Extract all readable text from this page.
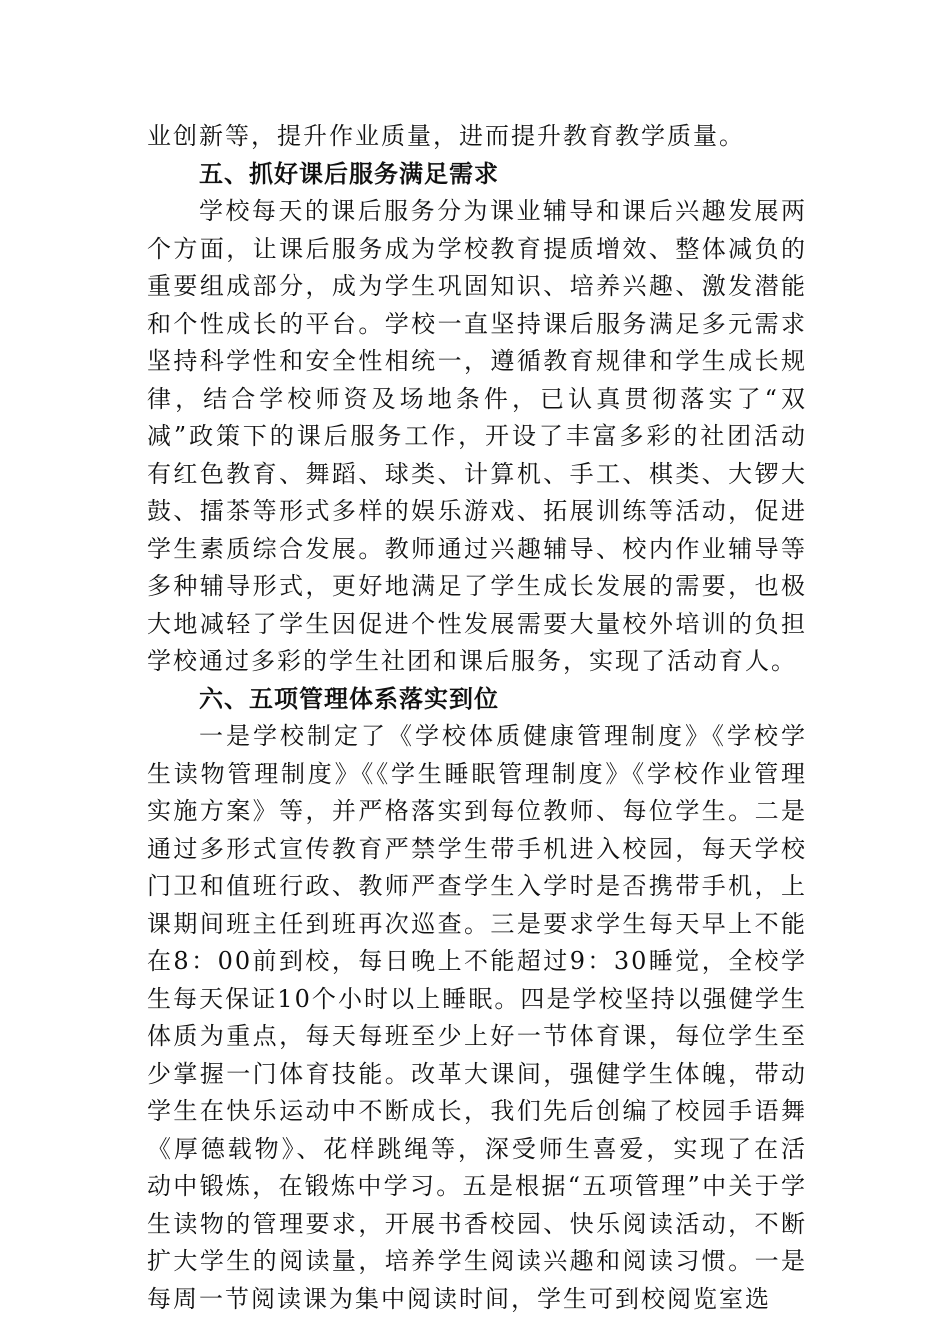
业创新等，提升作业质量，进而提升教育教学质量。

五、抓好课后服务满足需求

学校每天的课后服务分为课业辅导和课后兴趣发展两个方面，让课后服务成为学校教育提质增效、整体减负的重要组成部分，成为学生巩固知识、培养兴趣、激发潜能和个性成长的平台。学校一直坚持课后服务满足多元需求坚持科学性和安全性相统一，遵循教育规律和学生成长规律，结合学校师资及场地条件，已认真贯彻落实了“双减”政策下的课后服务工作，开设了丰富多彩的社团活动有红色教育、舞蹈、球类、计算机、手工、棋类、大锣大鼓、擂茶等形式多样的娱乐游戏、拓展训练等活动，促进学生素质综合发展。教师通过兴趣辅导、校内作业辅导等多种辅导形式，更好地满足了学生成长发展的需要，也极大地减轻了学生因促进个性发展需要大量校外培训的负担学校通过多彩的学生社团和课后服务，实现了活动育人。

六、五项管理体系落实到位

一是学校制定了《学校体质健康管理制度》《学校学生读物管理制度》《《学生睡眠管理制度》《学校作业管理实施方案》等，并严格落实到每位教师、每位学生。二是通过多形式宣传教育严禁学生带手机进入校园，每天学校门卫和值班行政、教师严查学生入学时是否携带手机，上课期间班主任到班再次巡查。三是要求学生每天早上不能在8：00前到校，每日晚上不能超过9：30睡觉，全校学生每天保证10个小时以上睡眠。四是学校坚持以强健学生体质为重点，每天每班至少上好一节体育课，每位学生至少掌握一门体育技能。改革大课间，强健学生体魄，带动学生在快乐运动中不断成长，我们先后创编了校园手语舞《厚德载物》、花样跳绳等，深受师生喜爱，实现了在活动中锻炼，在锻炼中学习。五是根据“五项管理”中关于学生读物的管理要求，开展书香校园、快乐阅读活动，不断扩大学生的阅读量，培养学生阅读兴趣和阅读习惯。一是每周一节阅读课为集中阅读时间，学生可到校阅览室选
